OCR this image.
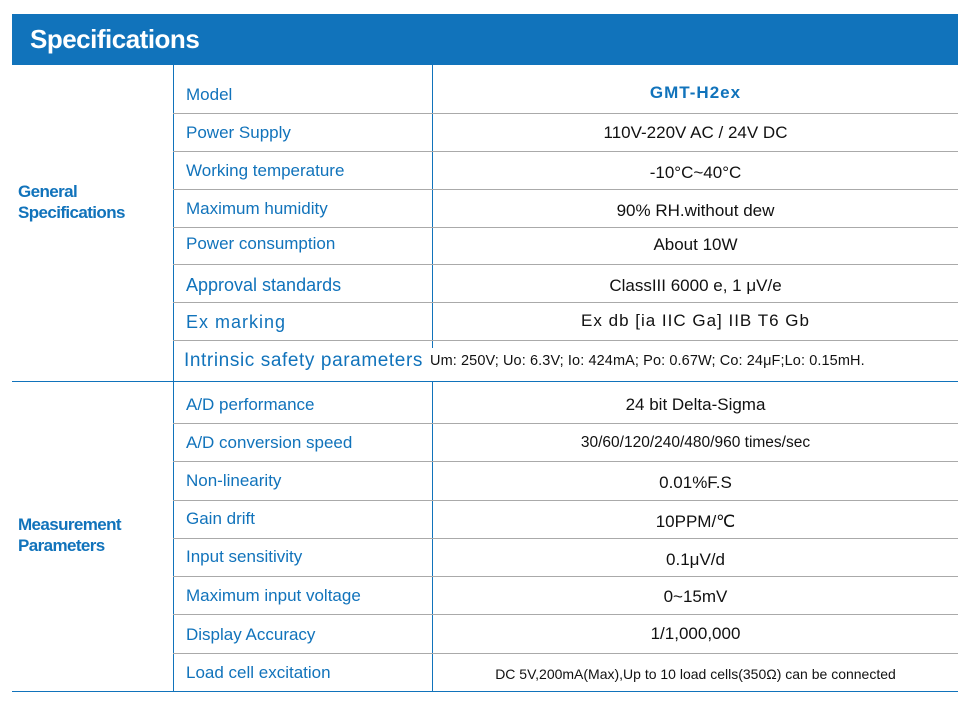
Specifications
General
Specifications
Model	GMT-H2ex
Power Supply	110V-220V AC / 24V DC
Working temperature	-10°C~40°C
Maximum humidity	90% RH.without dew
Power consumption	About 10W
Approval standards	ClassIII 6000 e, 1 μV/e
Ex marking	Ex db [ia IIC Ga] IIB T6 Gb
Intrinsic safety parameters Um: 250V; Uo: 6.3V; Io: 424mA; Po: 0.67W; Co: 24μF;Lo: 0.15mH.
Measurement
Parameters
A/D performance	24 bit Delta-Sigma
A/D conversion speed	30/60/120/240/480/960 times/sec
Non-linearity	0.01%F.S
Gain drift	10PPM/℃
Input sensitivity	0.1μV/d
Maximum input voltage	0~15mV
Display Accuracy	1/1,000,000
Load cell excitation	DC 5V,200mA(Max),Up to 10 load cells(350Ω) can be connected
